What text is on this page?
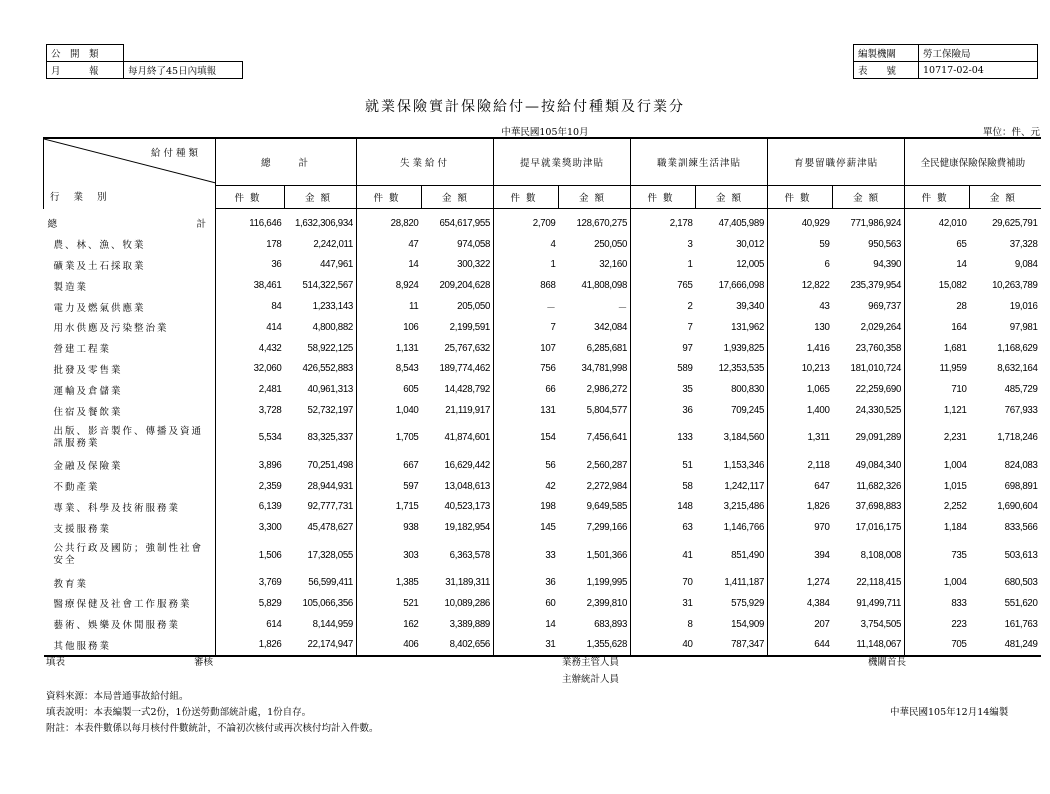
公　開　類	
月　　　報	每月終了45日內填報
編製機關	勞工保險局
表　　號	10717-02-04
就業保險實計保險給付—按給付種類及行業分
中華民國105年10月	單位：件、元
給付種類
行業別	總　　計		失業給付		提早就業獎助津貼		職業訓練生活津貼		育嬰留職停薪津貼		全民健康保險保險費補助	
	件數	金額	件數	金額	件數	金額	件數	金額	件數	金額	件數	金額
總 計	116,646	1,632,306,934	28,820	654,617,955	2,709	128,670,275	2,178	47,405,989	40,929	771,986,924	42,010	29,625,791
農、林、漁、牧業	178	2,242,011	47	974,058	4	250,050	3	30,012	59	950,563	65	37,328
礦業及土石採取業	36	447,961	14	300,322	1	32,160	1	12,005	6	94,390	14	9,084
製造業	38,461	514,322,567	8,924	209,204,628	868	41,808,098	765	17,666,098	12,822	235,379,954	15,082	10,263,789
電力及燃氣供應業	84	1,233,143	11	205,050	－	－	2	39,340	43	969,737	28	19,016
用水供應及污染整治業	414	4,800,882	106	2,199,591	7	342,084	7	131,962	130	2,029,264	164	97,981
營建工程業	4,432	58,922,125	1,131	25,767,632	107	6,285,681	97	1,939,825	1,416	23,760,358	1,681	1,168,629
批發及零售業	32,060	426,552,883	8,543	189,774,462	756	34,781,998	589	12,353,535	10,213	181,010,724	11,959	8,632,164
運輸及倉儲業	2,481	40,961,313	605	14,428,792	66	2,986,272	35	800,830	1,065	22,259,690	710	485,729
住宿及餐飲業	3,728	52,732,197	1,040	21,119,917	131	5,804,577	36	709,245	1,400	24,330,525	1,121	767,933
出版、影音製作、傳播及資通訊服務業	5,534	83,325,337	1,705	41,874,601	154	7,456,641	133	3,184,560	1,311	29,091,289	2,231	1,718,246
金融及保險業	3,896	70,251,498	667	16,629,442	56	2,560,287	51	1,153,346	2,118	49,084,340	1,004	824,083
不動產業	2,359	28,944,931	597	13,048,613	42	2,272,984	58	1,242,117	647	11,682,326	1,015	698,891
專業、科學及技術服務業	6,139	92,777,731	1,715	40,523,173	198	9,649,585	148	3,215,486	1,826	37,698,883	2,252	1,690,604
支援服務業	3,300	45,478,627	938	19,182,954	145	7,299,166	63	1,146,766	970	17,016,175	1,184	833,566
公共行政及國防；強制性社會安全	1,506	17,328,055	303	6,363,578	33	1,501,366	41	851,490	394	8,108,008	735	503,613
教育業	3,769	56,599,411	1,385	31,189,311	36	1,199,995	70	1,411,187	1,274	22,118,415	1,004	680,503
醫療保健及社會工作服務業	5,829	105,066,356	521	10,089,286	60	2,399,810	31	575,929	4,384	91,499,711	833	551,620
藝術、娛樂及休閒服務業	614	8,144,959	162	3,389,889	14	683,893	8	154,909	207	3,754,505	223	161,763
其他服務業	1,826	22,174,947	406	8,402,656	31	1,355,628	40	787,347	644	11,148,067	705	481,249
填表	審核	業務主管人員
主辦統計人員
機關首長
資料來源：本局普通事故給付組。
填表說明：本表編製一式2份，1份送勞動部統計處，1份自存。
附註：本表件數係以每月核付件數統計，不論初次核付或再次核付均計入件數。
中華民國105年12月14編製
